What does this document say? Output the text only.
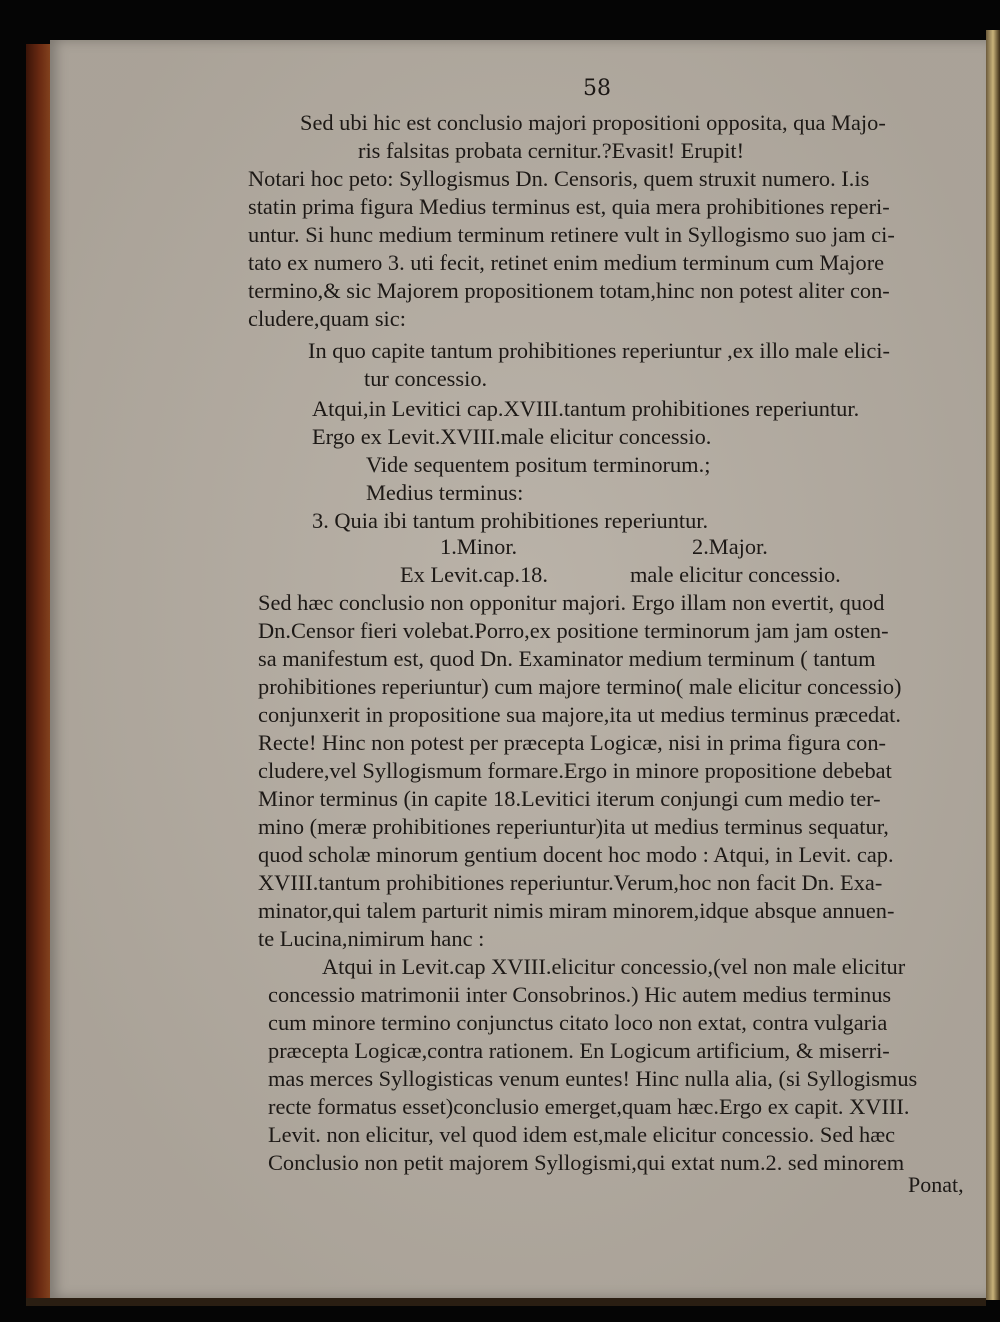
58
Sed ubi hic est conclusio majori propositioni opposita, qua Majo-
ris falsitas probata cernitur.?Evasit! Erupit!
Notari hoc peto: Syllogismus Dn. Censoris, quem struxit numero. I.is
statin prima figura Medius terminus est, quia mera prohibitiones reperi-
untur. Si hunc medium terminum retinere vult in Syllogismo suo jam ci-
tato ex numero 3. uti fecit, retinet enim medium terminum cum Majore
termino,& sic Majorem propositionem totam,hinc non potest aliter con-
cludere,quam sic:
In quo capite tantum prohibitiones reperiuntur ,ex illo male elici-
tur concessio.
Atqui,in Levitici cap.XVIII.tantum prohibitiones reperiuntur.
Ergo ex Levit.XVIII.male elicitur concessio.
Vide sequentem positum terminorum.;
Medius terminus:
3. Quia ibi tantum prohibitiones reperiuntur.
1.Minor.	2.Major.
Ex Levit.cap.18.	male elicitur concessio.
Sed hæc conclusio non opponitur majori. Ergo illam non evertit, quod
Dn.Censor fieri volebat.Porro,ex positione terminorum jam jam osten-
sa manifestum est, quod Dn. Examinator medium terminum ( tantum
prohibitiones reperiuntur) cum majore termino( male elicitur concessio)
conjunxerit in propositione sua majore,ita ut medius terminus præcedat.
Recte! Hinc non potest per præcepta Logicæ, nisi in prima figura con-
cludere,vel Syllogismum formare.Ergo in minore propositione debebat
Minor terminus (in capite 18.Levitici iterum conjungi cum medio ter-
mino (meræ prohibitiones reperiuntur)ita ut medius terminus sequatur,
quod scholæ minorum gentium docent hoc modo : Atqui, in Levit. cap.
XVIII.tantum prohibitiones reperiuntur.Verum,hoc non facit Dn. Exa-
minator,qui talem parturit nimis miram minorem,idque absque annuen-
te Lucina,nimirum hanc :
Atqui in Levit.cap XVIII.elicitur concessio,(vel non male elicitur
concessio matrimonii inter Consobrinos.) Hic autem medius terminus
cum minore termino conjunctus citato loco non extat, contra vulgaria
præcepta Logicæ,contra rationem. En Logicum artificium, & miserri-
mas merces Syllogisticas venum euntes! Hinc nulla alia, (si Syllogismus
recte formatus esset)conclusio emerget,quam hæc.Ergo ex capit. XVIII.
Levit. non elicitur, vel quod idem est,male elicitur concessio. Sed hæc
Conclusio non petit majorem Syllogismi,qui extat num.2. sed minorem
Ponat,
